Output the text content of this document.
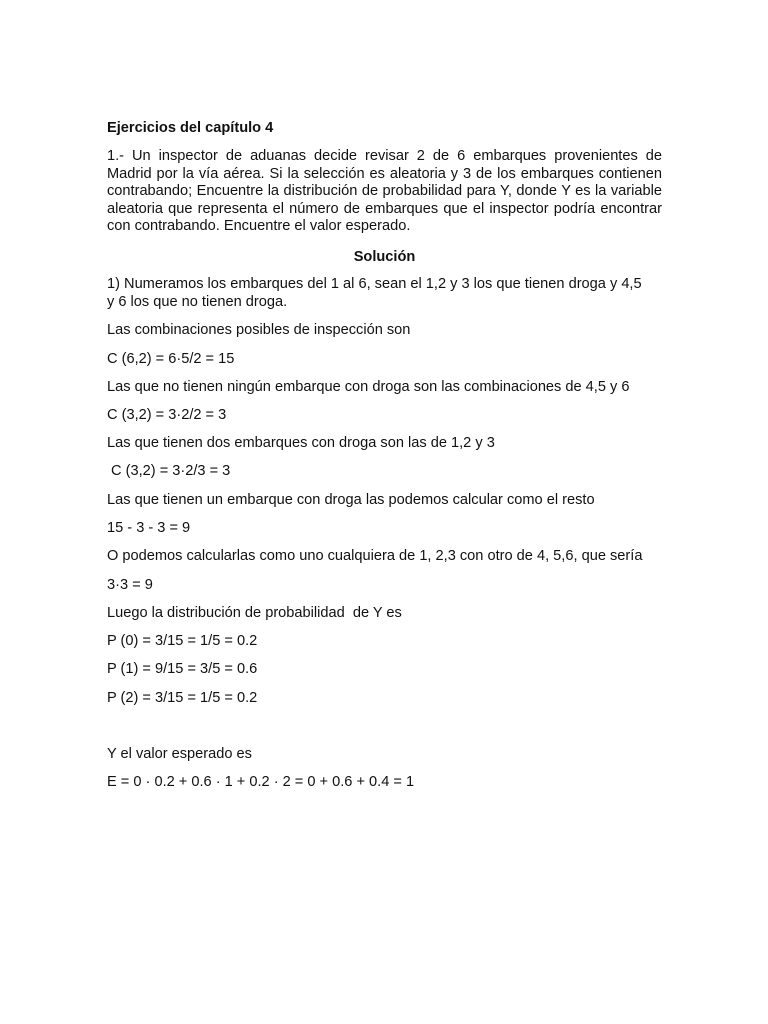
Ejercicios del capítulo 4

1.- Un inspector de aduanas decide revisar 2 de 6 embarques provenientes de Madrid por la vía aérea. Si la selección es aleatoria y 3 de los embarques contienen contrabando; Encuentre la distribución de probabilidad para Y, donde Y es la variable aleatoria que representa el número de embarques que el inspector podría encontrar con contrabando. Encuentre el valor esperado.

Solución

1) Numeramos los embarques del 1 al 6, sean el 1,2 y 3 los que tienen droga y 4,5 y 6 los que no tienen droga.

Las combinaciones posibles de inspección son

C (6,2) = 6·5/2 = 15

Las que no tienen ningún embarque con droga son las combinaciones de 4,5 y 6

C (3,2) = 3·2/2 = 3

Las que tienen dos embarques con droga son las de 1,2 y 3

C (3,2) = 3·2/3 = 3

Las que tienen un embarque con droga las podemos calcular como el resto

15 - 3 - 3 = 9

O podemos calcularlas como uno cualquiera de 1, 2,3 con otro de 4, 5,6, que sería

3·3 = 9

Luego la distribución de probabilidad  de Y es

P (0) = 3/15 = 1/5 = 0.2

P (1) = 9/15 = 3/5 = 0.6

P (2) = 3/15 = 1/5 = 0.2

Y el valor esperado es

E = 0 · 0.2 + 0.6 · 1 + 0.2 · 2 = 0 + 0.6 + 0.4 = 1
